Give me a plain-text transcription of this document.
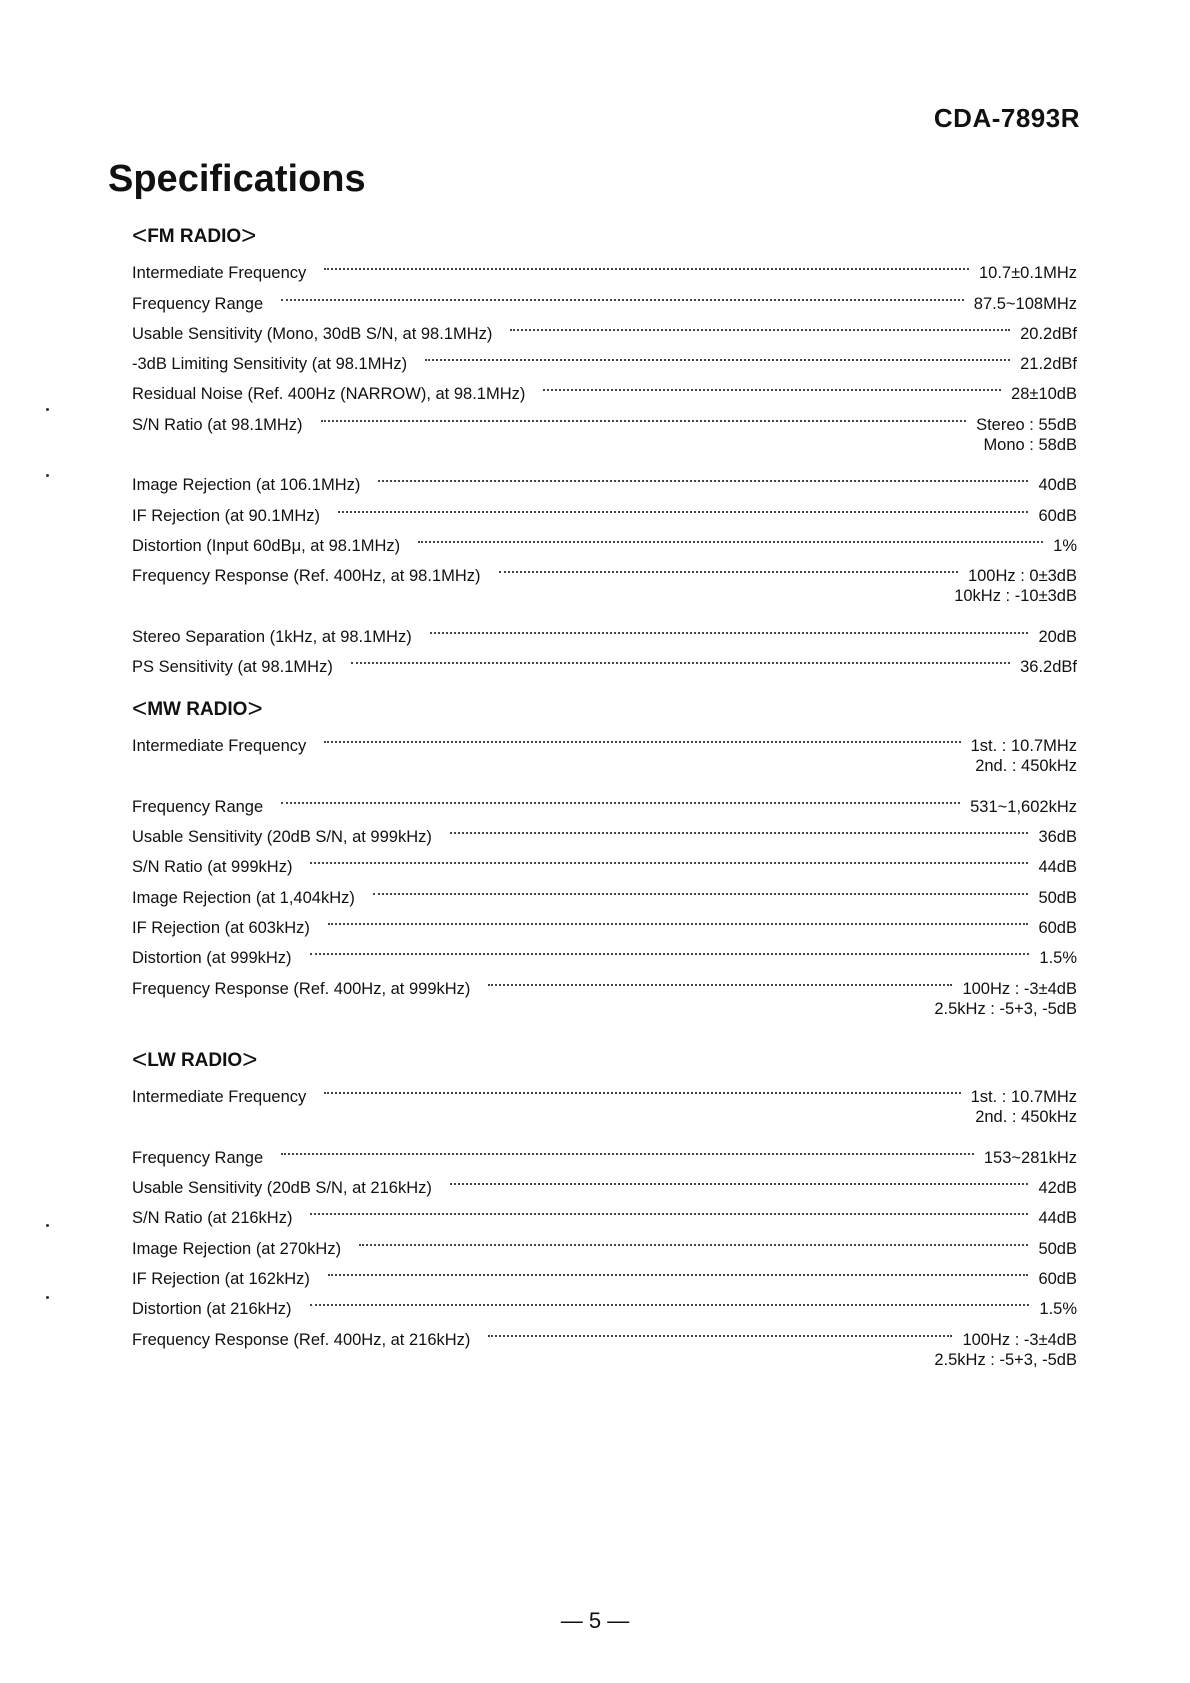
CDA-7893R
Specifications
<FM RADIO>
Intermediate Frequency	10.7±0.1MHz
Frequency Range	87.5~108MHz
Usable Sensitivity (Mono, 30dB S/N, at 98.1MHz)	20.2dBf
-3dB Limiting Sensitivity (at 98.1MHz)	21.2dBf
Residual Noise (Ref. 400Hz (NARROW), at 98.1MHz)	28±10dB
S/N Ratio (at 98.1MHz)	Stereo : 55dB
Mono : 58dB
Image Rejection (at 106.1MHz)	40dB
IF Rejection (at 90.1MHz)	60dB
Distortion (Input 60dBμ, at 98.1MHz)	1%
Frequency Response (Ref. 400Hz, at 98.1MHz)	100Hz : 0±3dB
10kHz : -10±3dB
Stereo Separation (1kHz, at 98.1MHz)	20dB
PS Sensitivity (at 98.1MHz)	36.2dBf
<MW RADIO>
Intermediate Frequency	1st. : 10.7MHz
2nd. : 450kHz
Frequency Range	531~1,602kHz
Usable Sensitivity (20dB S/N, at 999kHz)	36dB
S/N Ratio (at 999kHz)	44dB
Image Rejection (at 1,404kHz)	50dB
IF Rejection (at 603kHz)	60dB
Distortion (at 999kHz)	1.5%
Frequency Response (Ref. 400Hz, at 999kHz)	100Hz : -3±4dB
2.5kHz : -5+3, -5dB
<LW RADIO>
Intermediate Frequency	1st. : 10.7MHz
2nd. : 450kHz
Frequency Range	153~281kHz
Usable Sensitivity (20dB S/N, at 216kHz)	42dB
S/N Ratio (at 216kHz)	44dB
Image Rejection (at 270kHz)	50dB
IF Rejection (at 162kHz)	60dB
Distortion (at 216kHz)	1.5%
Frequency Response (Ref. 400Hz, at 216kHz)	100Hz : -3±4dB
2.5kHz : -5+3, -5dB
— 5 —
